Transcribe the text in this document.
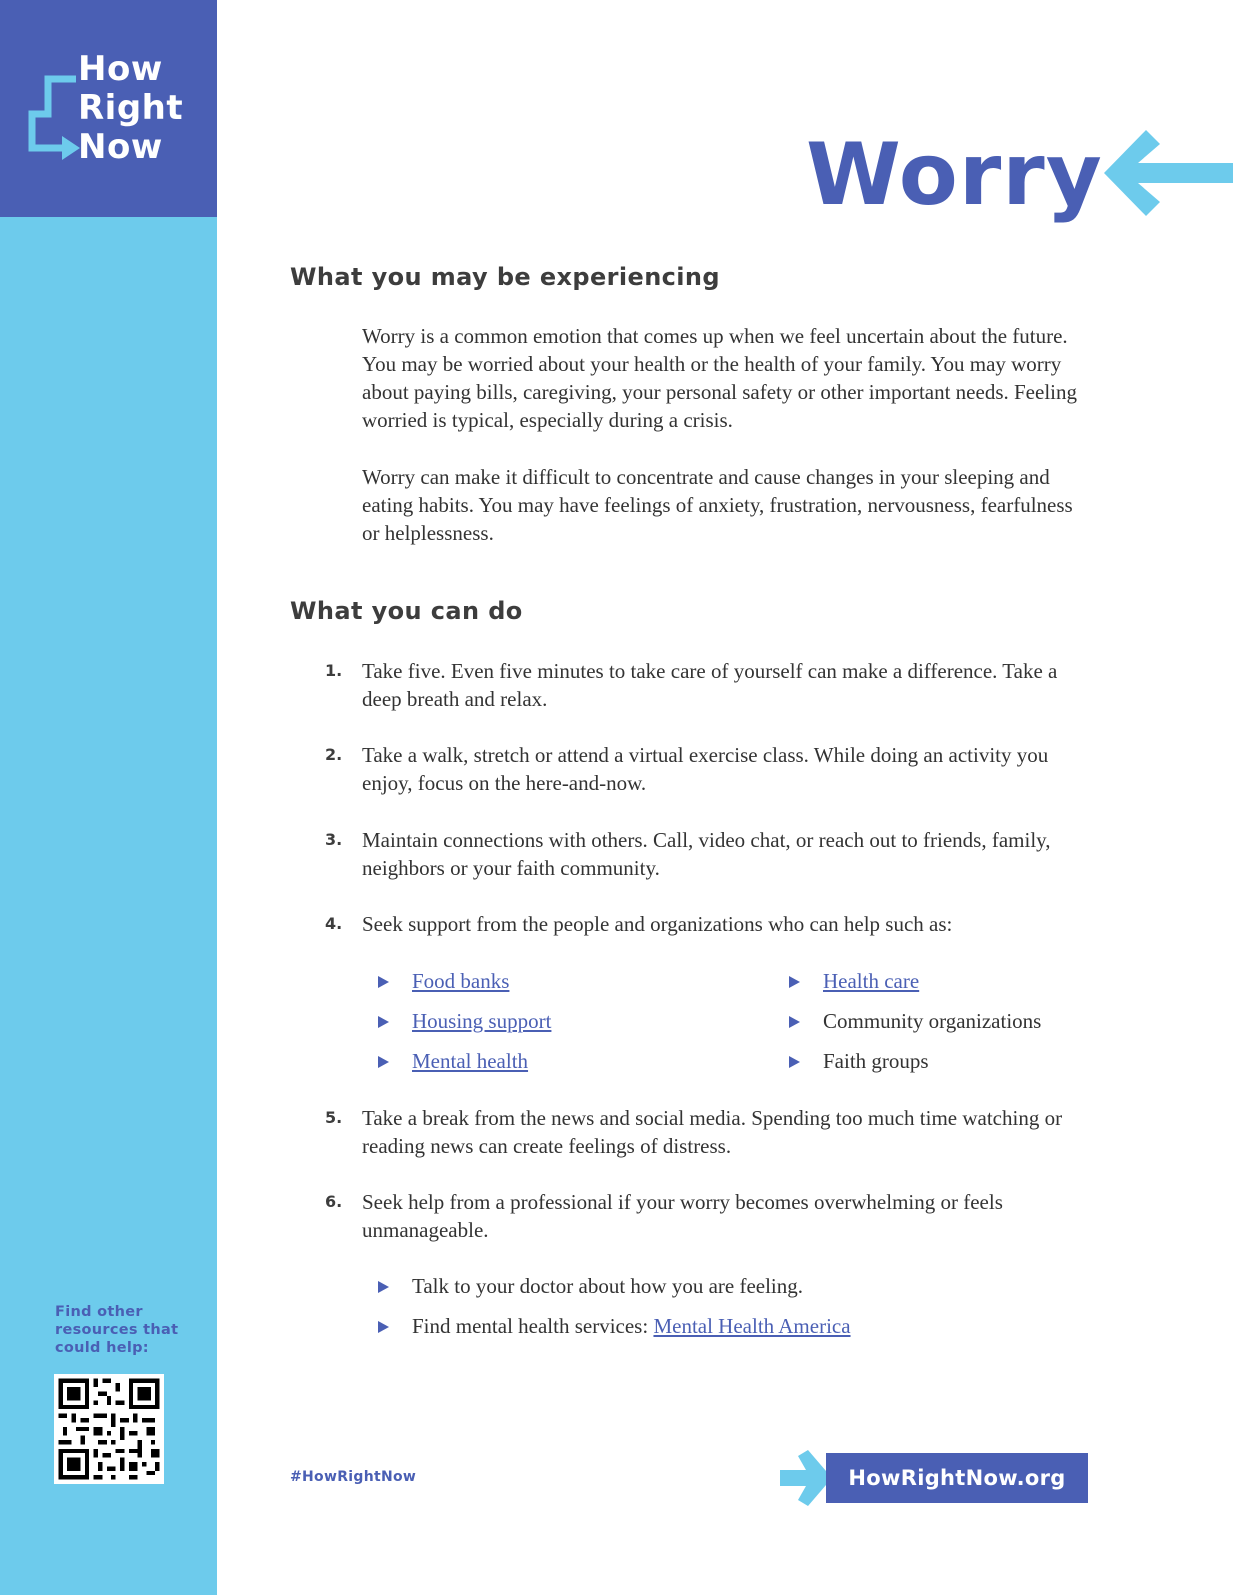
How
Right
Now
Find other resources that could help:
Worry
What you may be experiencing
Worry is a common emotion that comes up when we feel uncertain about the future. You may be worried about your health or the health of your family. You may worry about paying bills, caregiving, your personal safety or other important needs. Feeling worried is typical, especially during a crisis.
Worry can make it difficult to concentrate and cause changes in your sleeping and eating habits. You may have feelings of anxiety, frustration, nervousness, fearfulness or helplessness.
What you can do
1. Take five. Even five minutes to take care of yourself can make a difference. Take a deep breath and relax.
2. Take a walk, stretch or attend a virtual exercise class. While doing an activity you enjoy, focus on the here-and-now.
3. Maintain connections with others. Call, video chat, or reach out to friends, family, neighbors or your faith community.
4. Seek support from the people and organizations who can help such as:
Food banks
Housing support
Mental health
Health care
Community organizations
Faith groups
5. Take a break from the news and social media. Spending too much time watching or reading news can create feelings of distress.
6. Seek help from a professional if your worry becomes overwhelming or feels unmanageable.
Talk to your doctor about how you are feeling.
Find mental health services: Mental Health America
#HowRightNow	HowRightNow.org
